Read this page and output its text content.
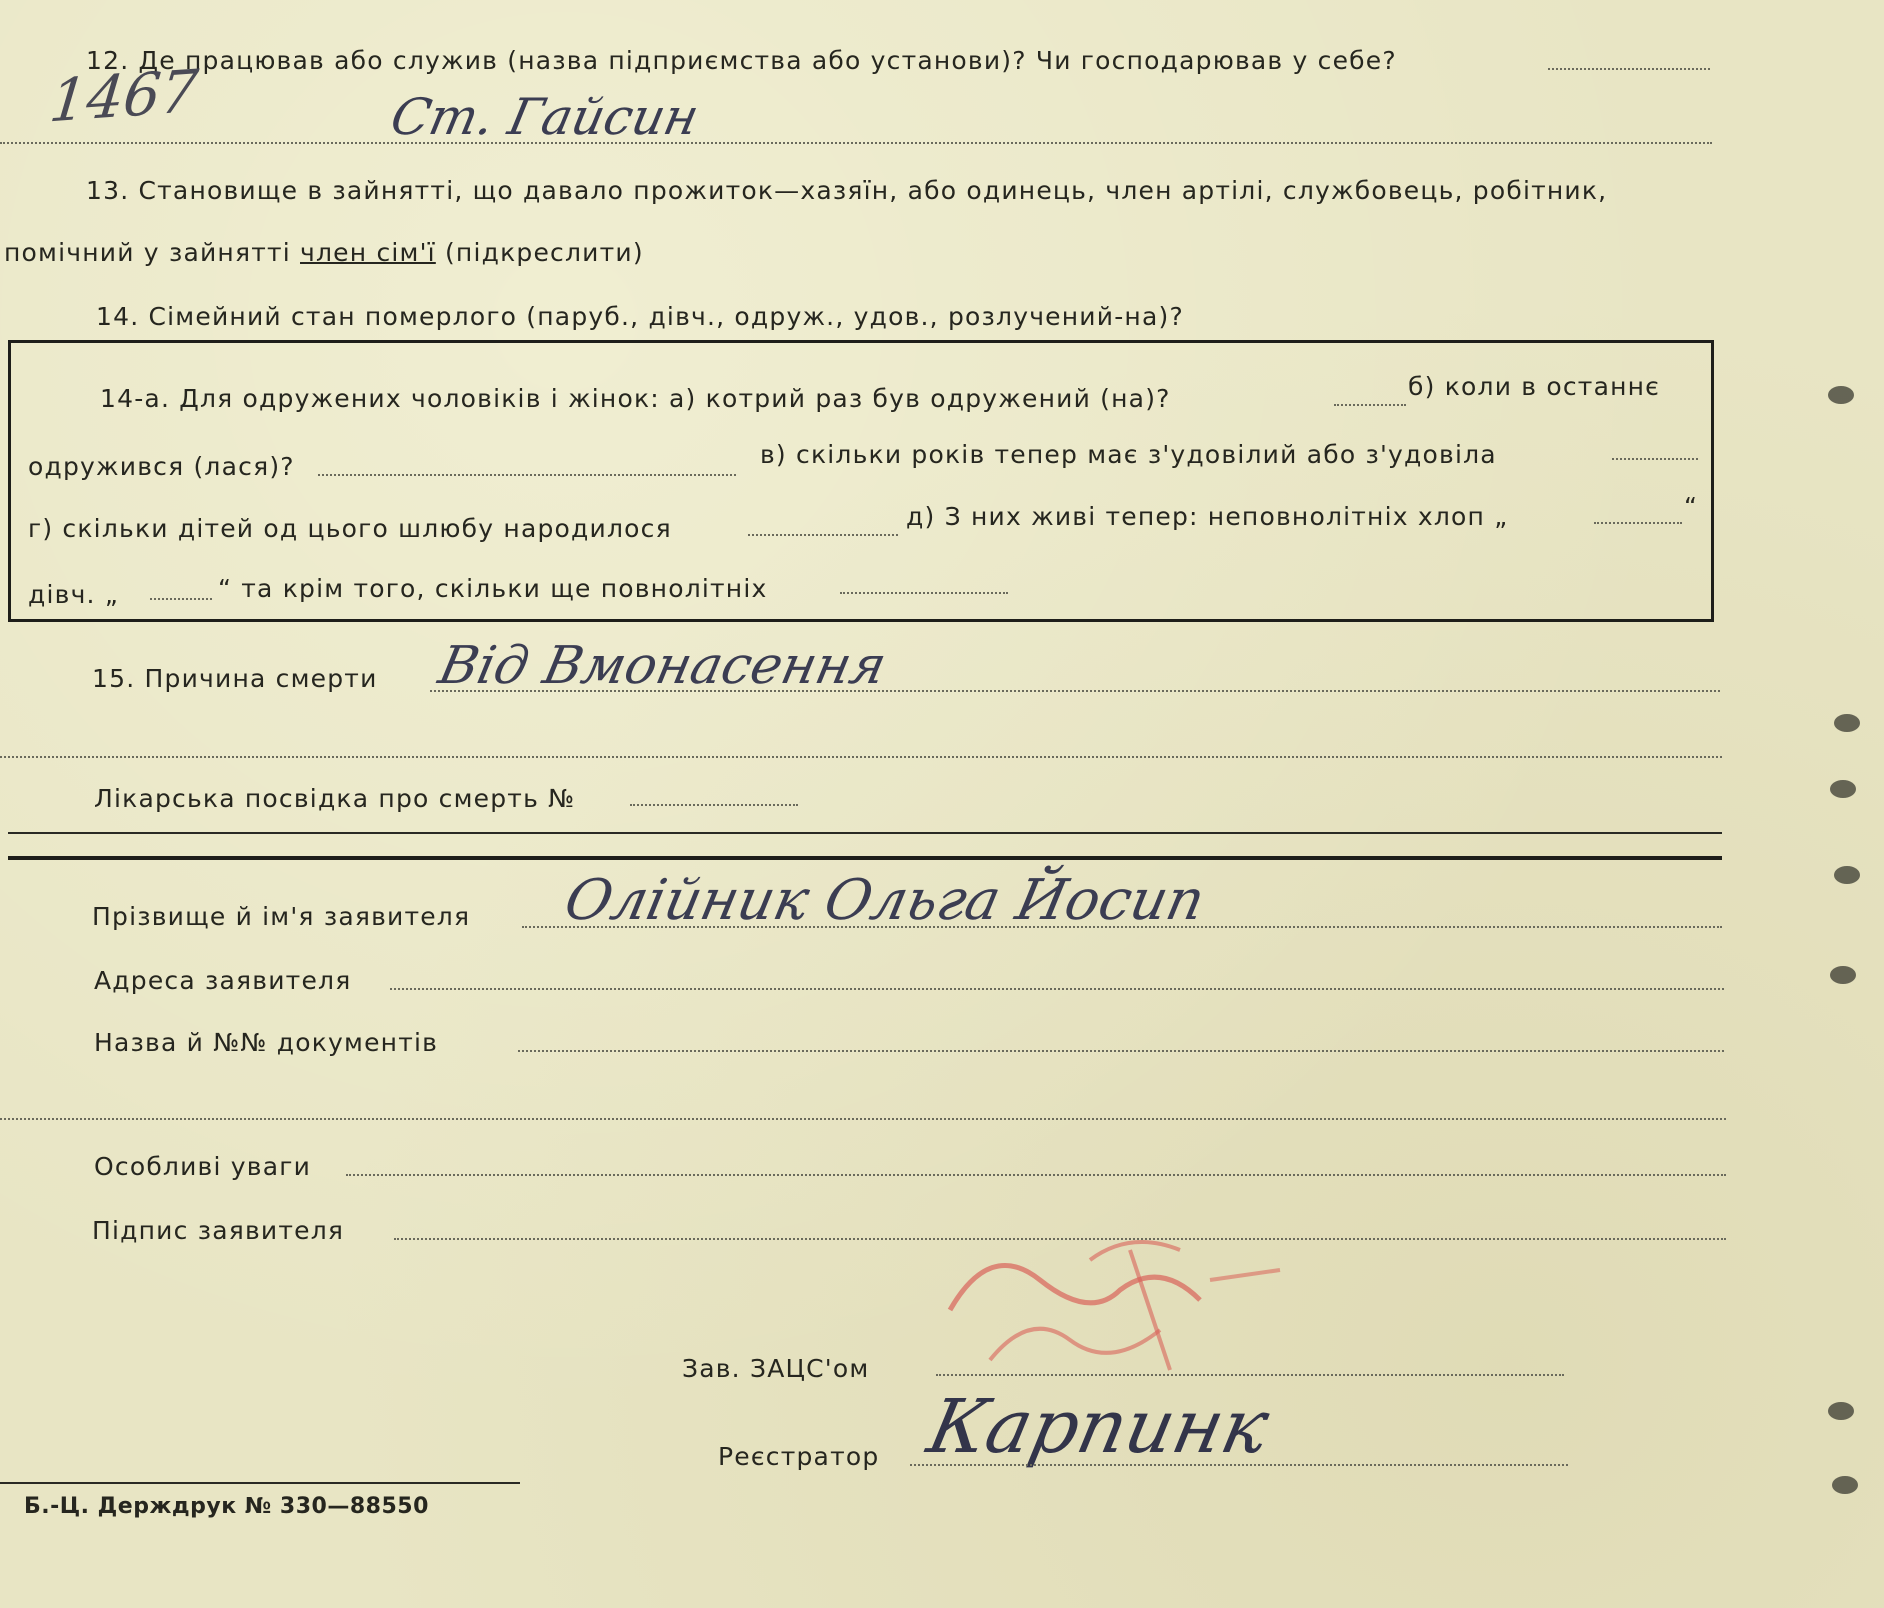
12. Де працював або служив (назва підприємства або установи)? Чи господарював у себе?
1467	Ст. Гайсин
13. Становище в зайнятті, що давало прожиток—хазяїн, або одинець, член артілі, службовець, робітник,
помічний у зайнятті член сім'ї (підкреслити)
14. Сімейний стан померлого (паруб., дівч., одруж., удов., розлучений-на)?
14-а. Для одружених чоловіків і жінок: а) котрий раз був одружений (на)?	б) коли в останнє
одружився (лася)?	в) скільки років тепер має з'удовілий або з'удовіла
г) скільки дітей од цього шлюбу народилося	д) З них живі тепер: неповнолітніх хлоп „	“
дівч. „	“ та крім того, скільки ще повнолітніх
15. Причина смерти Від Вмонасення
Лікарська посвідка про смерть №
Прізвище й ім'я заявителя Олійник Ольга Йосип
Адреса заявителя
Назва й №№ документів
Особливі уваги
Підпис заявителя
Зав. ЗАЦС'ом
Реєстратор Карпинк
Б.-Ц. Держдрук № 330—88550
